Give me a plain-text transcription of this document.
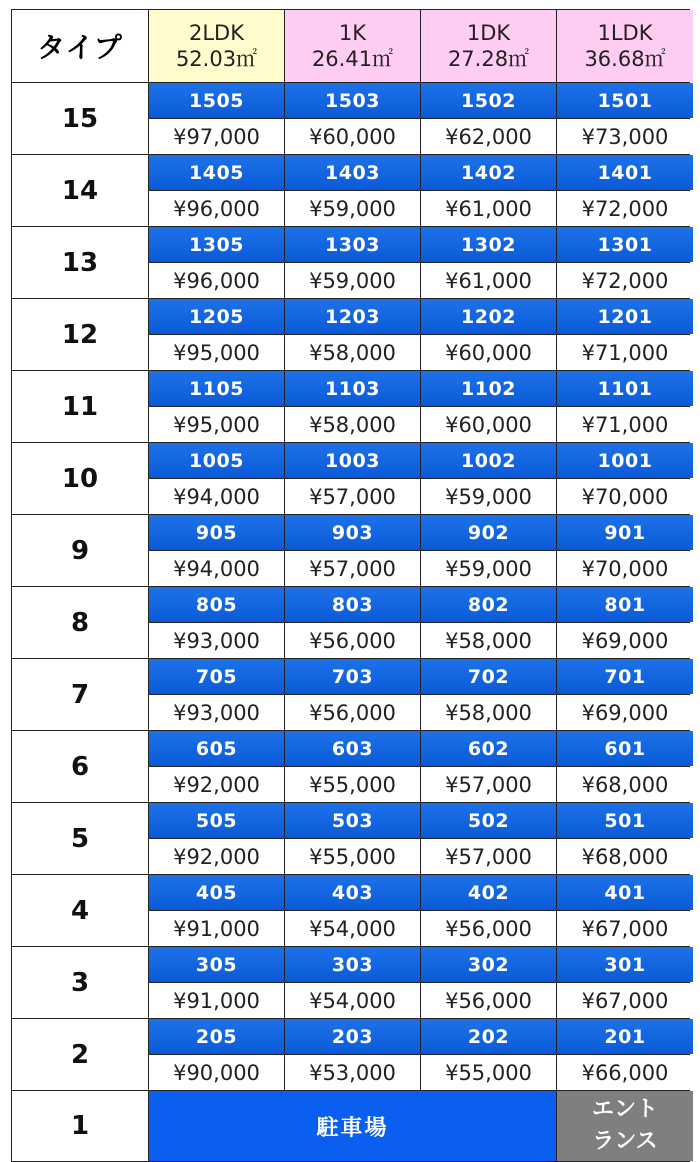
タイプ	2LDK
52.03㎡
1K
26.41㎡
1DK
27.28㎡
1LDK
36.68㎡
15
1505
¥97,000
1503
¥60,000
1502
¥62,000
1501
¥73,000
14
1405
¥96,000
1403
¥59,000
1402
¥61,000
1401
¥72,000
13
1305
¥96,000
1303
¥59,000
1302
¥61,000
1301
¥72,000
12
1205
¥95,000
1203
¥58,000
1202
¥60,000
1201
¥71,000
11
1105
¥95,000
1103
¥58,000
1102
¥60,000
1101
¥71,000
10
1005
¥94,000
1003
¥57,000
1002
¥59,000
1001
¥70,000
9
905
¥94,000
903
¥57,000
902
¥59,000
901
¥70,000
8
805
¥93,000
803
¥56,000
802
¥58,000
801
¥69,000
7
705
¥93,000
703
¥56,000
702
¥58,000
701
¥69,000
6
605
¥92,000
603
¥55,000
602
¥57,000
601
¥68,000
5
505
¥92,000
503
¥55,000
502
¥57,000
501
¥68,000
4
405
¥91,000
403
¥54,000
402
¥56,000
401
¥67,000
3
305
¥91,000
303
¥54,000
302
¥56,000
301
¥67,000
2
205
¥90,000
203
¥53,000
202
¥55,000
201
¥66,000
1	駐車場
エント
ランス
